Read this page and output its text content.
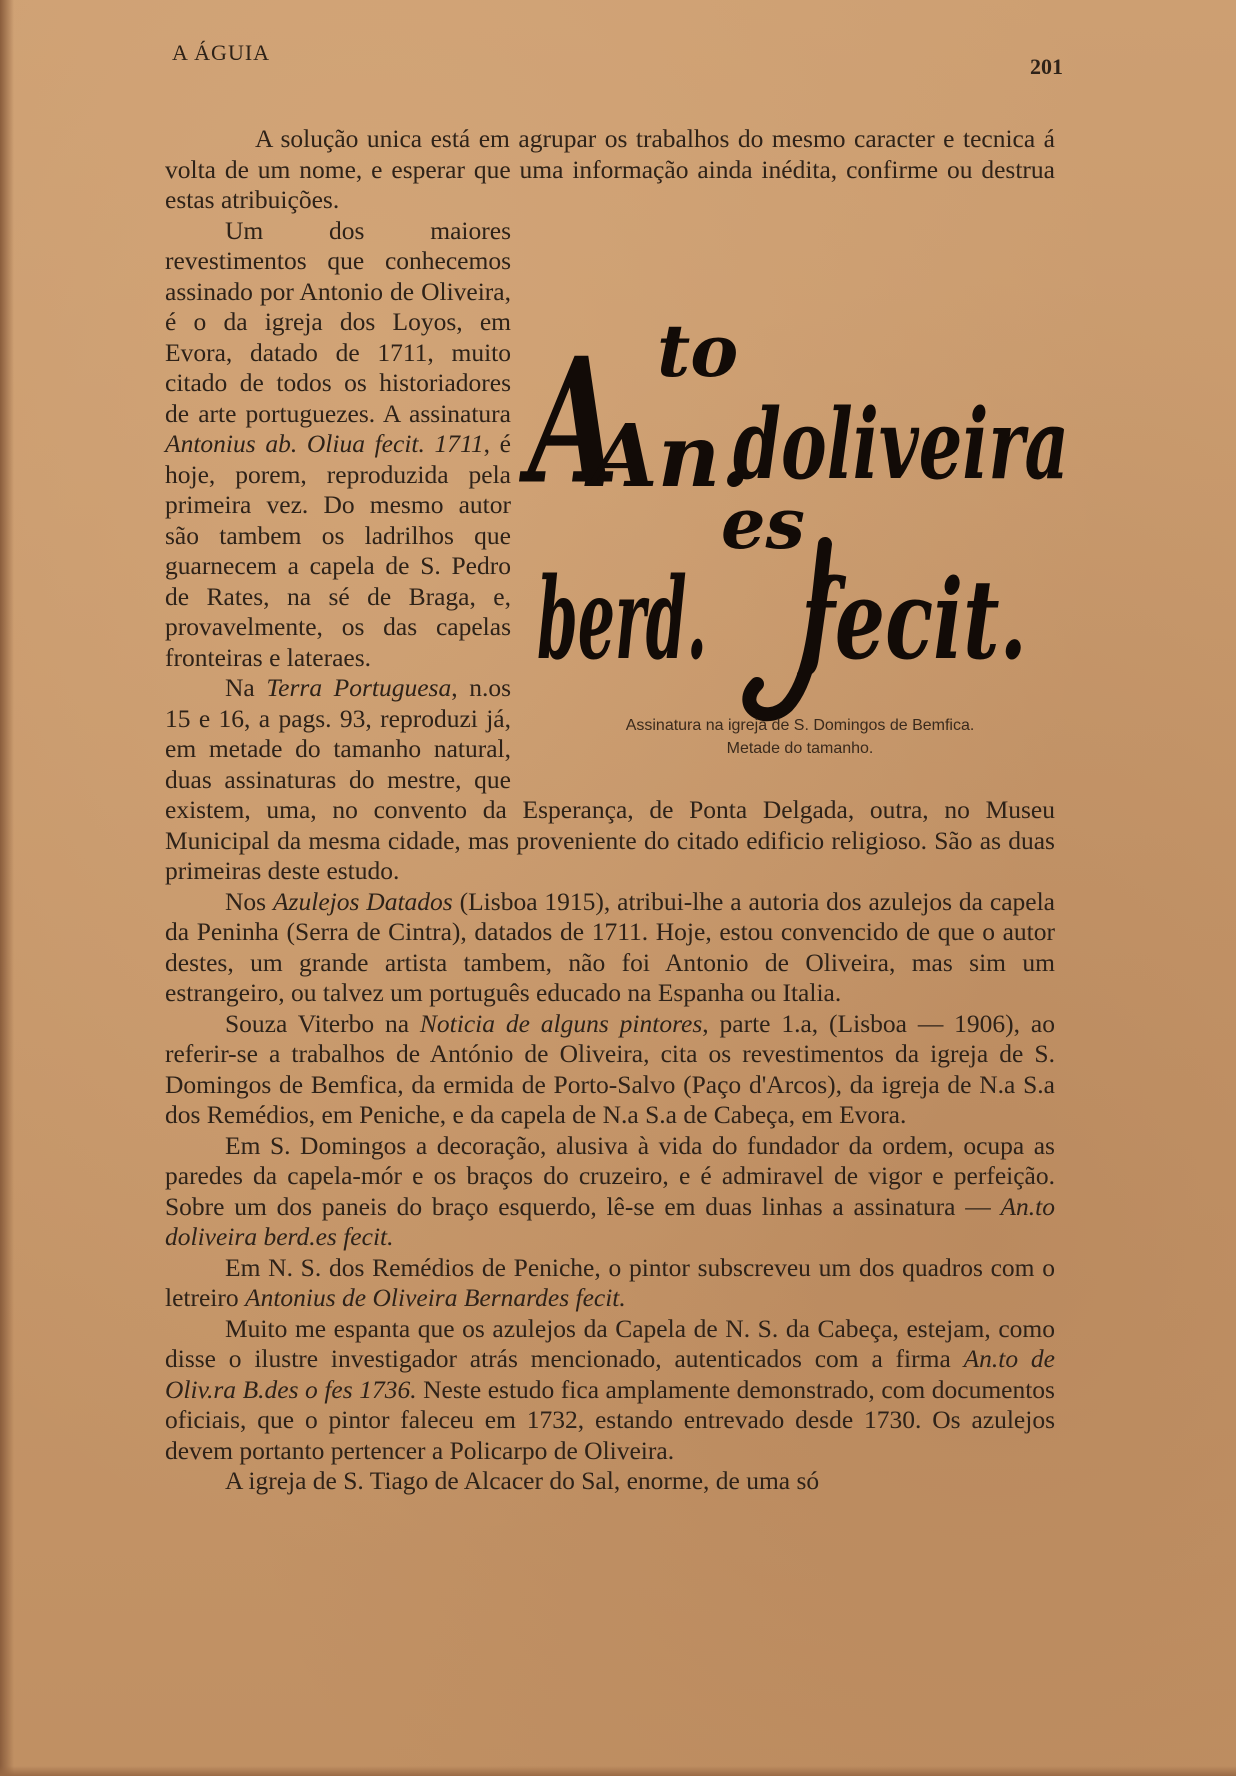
A ÁGUIA
201

A solução unica está em agrupar os trabalhos do mesmo caracter e tecnica á volta de um nome, e esperar que uma informação ainda inédita, confirme ou destrua estas atribuições.

A
An.
to
doliveira
berd.
es
fecit.
Assinatura na igreja de S. Domingos de Bemfica.
Metade do tamanho.

Um dos maiores revestimentos que conhecemos assinado por Antonio de Oliveira, é o da igreja dos Loyos, em Evora, datado de 1711, muito citado de todos os historiadores de arte portuguezes. A assinatura Antonius ab. Oliua fecit. 1711, é hoje, porem, reproduzida pela primeira vez. Do mesmo autor são tambem os ladrilhos que guarnecem a capela de S. Pedro de Rates, na sé de Braga, e, provavelmente, os das capelas fronteiras e lateraes.

Na Terra Portuguesa, n.os 15 e 16, a pags. 93, reproduzi já, em metade do tamanho natural, duas assinaturas do mestre, que existem, uma, no convento da Esperança, de Ponta Delgada, outra, no Museu Municipal da mesma cidade, mas proveniente do citado edificio religioso. São as duas primeiras deste estudo.

Nos Azulejos Datados (Lisboa 1915), atribui-lhe a autoria dos azulejos da capela da Peninha (Serra de Cintra), datados de 1711. Hoje, estou convencido de que o autor destes, um grande artista tambem, não foi Antonio de Oliveira, mas sim um estrangeiro, ou talvez um português educado na Espanha ou Italia.

Souza Viterbo na Noticia de alguns pintores, parte 1.a, (Lisboa — 1906), ao referir-se a trabalhos de António de Oliveira, cita os revestimentos da igreja de S. Domingos de Bemfica, da ermida de Porto-Salvo (Paço d'Arcos), da igreja de N.a S.a dos Remédios, em Peniche, e da capela de N.a S.a de Cabeça, em Evora.

Em S. Domingos a decoração, alusiva à vida do fundador da ordem, ocupa as paredes da capela-mór e os braços do cruzeiro, e é admiravel de vigor e perfeição. Sobre um dos paneis do braço esquerdo, lê-se em duas linhas a assinatura — An.to doliveira berd.es fecit.

Em N. S. dos Remédios de Peniche, o pintor subscreveu um dos quadros com o letreiro Antonius de Oliveira Bernardes fecit.

Muito me espanta que os azulejos da Capela de N. S. da Cabeça, estejam, como disse o ilustre investigador atrás mencionado, autenticados com a firma An.to de Oliv.ra B.des o fes 1736. Neste estudo fica amplamente demonstrado, com documentos oficiais, que o pintor faleceu em 1732, estando entrevado desde 1730. Os azulejos devem portanto pertencer a Policarpo de Oliveira.

A igreja de S. Tiago de Alcacer do Sal, enorme, de uma só
